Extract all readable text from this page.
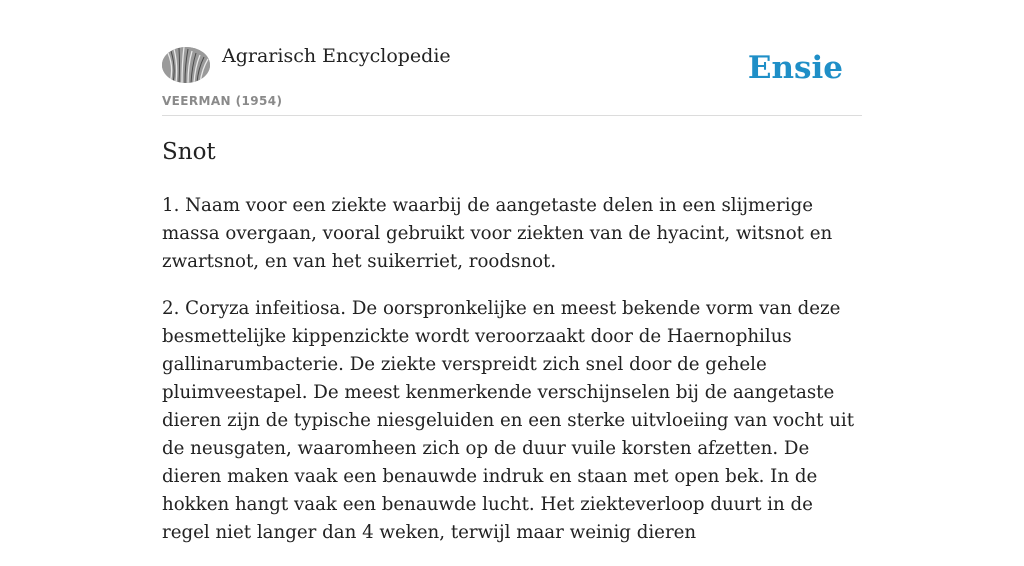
Agrarisch Encyclopedie
VEERMAN (1954)
Ensie
Snot

1. Naam voor een ziekte waarbij de aangetaste delen in een slijmerige massa overgaan, vooral gebruikt voor ziekten van de hyacint, witsnot en zwartsnot, en van het suikerriet, roodsnot.

2. Coryza infeitiosa. De oorspronkelijke en meest bekende vorm van deze besmettelijke kippenzickte wordt veroorzaakt door de Haernophilus gallinarumbacterie. De ziekte verspreidt zich snel door de gehele pluimveestapel. De meest kenmerkende verschijnselen bij de aangetaste dieren zijn de typische niesgeluiden en een sterke uitvloeiing van vocht uit de neusgaten, waaromheen zich op de duur vuile korsten afzetten. De dieren maken vaak een benauwde indruk en staan met open bek. In de hokken hangt vaak een benauwde lucht. Het ziekteverloop duurt in de regel niet langer dan 4 weken, terwijl maar weinig dieren
